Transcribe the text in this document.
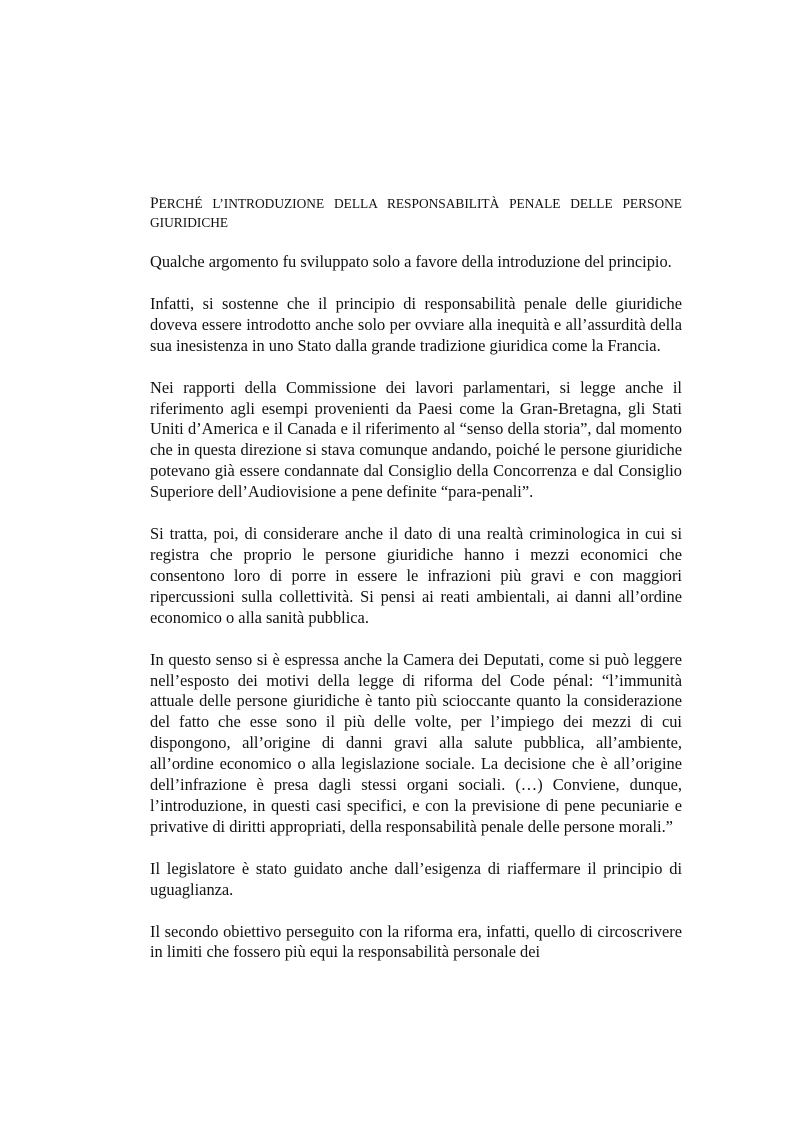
PERCHÉ L’INTRODUZIONE DELLA RESPONSABILITÀ PENALE DELLE PERSONE GIURIDICHE

Qualche argomento fu sviluppato solo a favore della introduzione del principio.

Infatti, si sostenne che il principio di responsabilità penale delle giuridiche doveva essere introdotto anche solo per ovviare alla inequità e all’assurdità della sua inesistenza in uno Stato dalla grande tradizione giuridica come la Francia.

Nei rapporti della Commissione dei lavori parlamentari, si legge anche il riferimento agli esempi provenienti da Paesi come la Gran-Bretagna, gli Stati Uniti d’America e il Canada e il riferimento al “senso della storia”, dal momento che in questa direzione si stava comunque andando, poiché le persone giuridiche potevano già essere condannate dal Consiglio della Concorrenza e dal Consiglio Superiore dell’Audiovisione a pene definite “para-penali”.

Si tratta, poi, di considerare anche il dato di una realtà criminologica in cui si registra che proprio le persone giuridiche hanno i mezzi economici che consentono loro di porre in essere le infrazioni più gravi e con maggiori ripercussioni sulla collettività. Si pensi ai reati ambientali, ai danni all’ordine economico o alla sanità pubblica.

In questo senso si è espressa anche la Camera dei Deputati, come si può leggere nell’esposto dei motivi della legge di riforma del Code pénal: “l’immunità attuale delle persone giuridiche è tanto più scioccante quanto la considerazione del fatto che esse sono il più delle volte, per l’impiego dei mezzi di cui dispongono, all’origine di danni gravi alla salute pubblica, all’ambiente, all’ordine economico o alla legislazione sociale. La decisione che è all’origine dell’infrazione è presa dagli stessi organi sociali. (…) Conviene, dunque, l’introduzione, in questi casi specifici, e con la previsione di pene pecuniarie e privative di diritti appropriati, della responsabilità penale delle persone morali.”

Il legislatore è stato guidato anche dall’esigenza di riaffermare il principio di uguaglianza.

Il secondo obiettivo perseguito con la riforma era, infatti, quello di circoscrivere in limiti che fossero più equi la responsabilità personale dei
